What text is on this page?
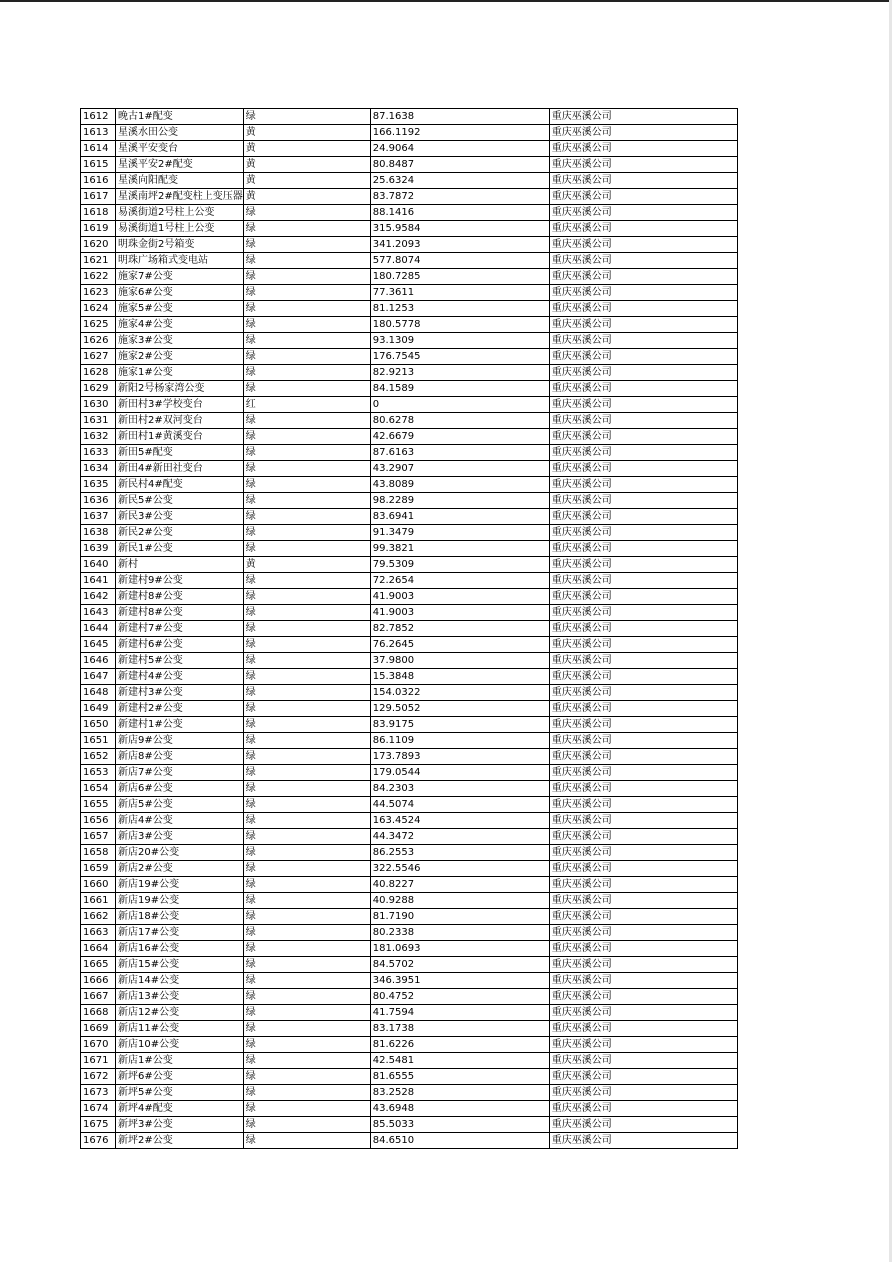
1612	晚古1#配变	绿	87.1638	重庆巫溪公司
1613	星溪水田公变	黄	166.1192	重庆巫溪公司
1614	星溪平安变台	黄	24.9064	重庆巫溪公司
1615	星溪平安2#配变	黄	80.8487	重庆巫溪公司
1616	星溪向阳配变	黄	25.6324	重庆巫溪公司
1617	星溪南坪2#配变柱上变压器	黄	83.7872	重庆巫溪公司
1618	易溪街道2号柱上公变	绿	88.1416	重庆巫溪公司
1619	易溪街道1号柱上公变	绿	315.9584	重庆巫溪公司
1620	明珠金街2号箱变	绿	341.2093	重庆巫溪公司
1621	明珠广场箱式变电站	绿	577.8074	重庆巫溪公司
1622	施家7#公变	绿	180.7285	重庆巫溪公司
1623	施家6#公变	绿	77.3611	重庆巫溪公司
1624	施家5#公变	绿	81.1253	重庆巫溪公司
1625	施家4#公变	绿	180.5778	重庆巫溪公司
1626	施家3#公变	绿	93.1309	重庆巫溪公司
1627	施家2#公变	绿	176.7545	重庆巫溪公司
1628	施家1#公变	绿	82.9213	重庆巫溪公司
1629	新阳2号杨家湾公变	绿	84.1589	重庆巫溪公司
1630	新田村3#学校变台	红	0	重庆巫溪公司
1631	新田村2#双河变台	绿	80.6278	重庆巫溪公司
1632	新田村1#黄溪变台	绿	42.6679	重庆巫溪公司
1633	新田5#配变	绿	87.6163	重庆巫溪公司
1634	新田4#新田社变台	绿	43.2907	重庆巫溪公司
1635	新民村4#配变	绿	43.8089	重庆巫溪公司
1636	新民5#公变	绿	98.2289	重庆巫溪公司
1637	新民3#公变	绿	83.6941	重庆巫溪公司
1638	新民2#公变	绿	91.3479	重庆巫溪公司
1639	新民1#公变	绿	99.3821	重庆巫溪公司
1640	新村	黄	79.5309	重庆巫溪公司
1641	新建村9#公变	绿	72.2654	重庆巫溪公司
1642	新建村8#公变	绿	41.9003	重庆巫溪公司
1643	新建村8#公变	绿	41.9003	重庆巫溪公司
1644	新建村7#公变	绿	82.7852	重庆巫溪公司
1645	新建村6#公变	绿	76.2645	重庆巫溪公司
1646	新建村5#公变	绿	37.9800	重庆巫溪公司
1647	新建村4#公变	绿	15.3848	重庆巫溪公司
1648	新建村3#公变	绿	154.0322	重庆巫溪公司
1649	新建村2#公变	绿	129.5052	重庆巫溪公司
1650	新建村1#公变	绿	83.9175	重庆巫溪公司
1651	新店9#公变	绿	86.1109	重庆巫溪公司
1652	新店8#公变	绿	173.7893	重庆巫溪公司
1653	新店7#公变	绿	179.0544	重庆巫溪公司
1654	新店6#公变	绿	84.2303	重庆巫溪公司
1655	新店5#公变	绿	44.5074	重庆巫溪公司
1656	新店4#公变	绿	163.4524	重庆巫溪公司
1657	新店3#公变	绿	44.3472	重庆巫溪公司
1658	新店20#公变	绿	86.2553	重庆巫溪公司
1659	新店2#公变	绿	322.5546	重庆巫溪公司
1660	新店19#公变	绿	40.8227	重庆巫溪公司
1661	新店19#公变	绿	40.9288	重庆巫溪公司
1662	新店18#公变	绿	81.7190	重庆巫溪公司
1663	新店17#公变	绿	80.2338	重庆巫溪公司
1664	新店16#公变	绿	181.0693	重庆巫溪公司
1665	新店15#公变	绿	84.5702	重庆巫溪公司
1666	新店14#公变	绿	346.3951	重庆巫溪公司
1667	新店13#公变	绿	80.4752	重庆巫溪公司
1668	新店12#公变	绿	41.7594	重庆巫溪公司
1669	新店11#公变	绿	83.1738	重庆巫溪公司
1670	新店10#公变	绿	81.6226	重庆巫溪公司
1671	新店1#公变	绿	42.5481	重庆巫溪公司
1672	新坪6#公变	绿	81.6555	重庆巫溪公司
1673	新坪5#公变	绿	83.2528	重庆巫溪公司
1674	新坪4#配变	绿	43.6948	重庆巫溪公司
1675	新坪3#公变	绿	85.5033	重庆巫溪公司
1676	新坪2#公变	绿	84.6510	重庆巫溪公司
